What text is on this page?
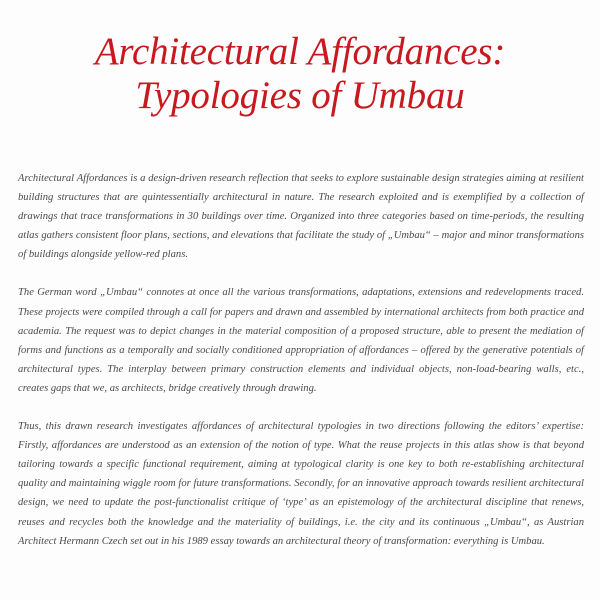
Architectural Affordances:
Typologies of Umbau

Architectural Affordances is a design-driven research reflection that seeks to explore sustainable design strategies aiming at resilient building structures that are quintessentially architectural in nature. The research exploited and is exemplified by a collection of drawings that trace transformations in 30 buildings over time. Organized into three categories based on time-periods, the resulting atlas gathers consistent floor plans, sections, and elevations that facilitate the study of „Umbau“ – major and minor transformations of buildings alongside yellow-red plans.

The German word „Umbau“ connotes at once all the various transformations, adaptations, extensions and redevelopments traced. These projects were compiled through a call for papers and drawn and assembled by international architects from both practice and academia. The request was to depict changes in the material composition of a proposed structure, able to present the mediation of forms and functions as a temporally and socially conditioned appropriation of affordances – offered by the generative potentials of architectural types. The interplay between primary construction elements and individual objects, non-load-bearing walls, etc., creates gaps that we, as architects, bridge creatively through drawing.

Thus, this drawn research investigates affordances of architectural typologies in two directions following the editors’ expertise: Firstly, affordances are understood as an extension of the notion of type. What the reuse projects in this atlas show is that beyond tailoring towards a specific functional requirement, aiming at typological clarity is one key to both re-establishing architectural quality and maintaining wiggle room for future transformations. Secondly, for an innovative approach towards resilient architectural design, we need to update the post-functionalist critique of ‘type’ as an epistemology of the architectural discipline that renews, reuses and recycles both the knowledge and the materiality of buildings, i.e. the city and its continuous „Umbau“, as Austrian Architect Hermann Czech set out in his 1989 essay towards an architectural theory of transformation: everything is Umbau.
